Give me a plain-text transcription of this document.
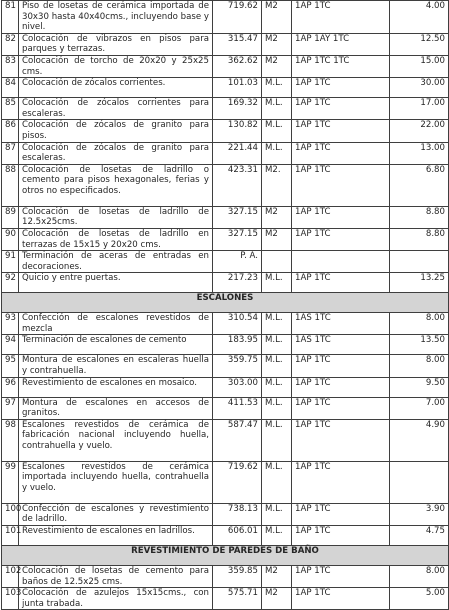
81	Piso de losetas de cerámica importada de 30x30 hasta 40x40cms., incluyendo base y nivel.	719.62	M2	1AP 1TC	4.00
82	Colocación de vibrazos en pisos para parques y terrazas.	315.47	M2	1AP 1AY 1TC	12.50
83	Colocación de torcho de 20x20 y 25x25 cms.	362.62	M2	1AP 1TC 1TC	15.00
84	Colocación de zócalos corrientes.	101.03	M.L.	1AP 1TC	30.00
85	Colocación de zócalos corrientes para escaleras.	169.32	M.L.	1AP 1TC	17.00
86	Colocación de zócalos de granito para pisos.	130.82	M.L.	1AP 1TC	22.00
87	Colocación de zócalos de granito para escaleras.	221.44	M.L.	1AP 1TC	13.00
88	Colocación de losetas de ladrillo o cemento para pisos hexagonales, ferias y otros no especificados.	423.31	M2.	1AP 1TC	6.80
89	Colocación de losetas de ladrillo de 12.5x25cms.	327.15	M2	1AP 1TC	8.80
90	Colocación de losetas de ladrillo en terrazas de 15x15 y 20x20 cms.	327.15	M2	1AP 1TC	8.80
91	Terminación de aceras de entradas en decoraciones.	P. A.			
92	Quicio y entre puertas.	217.23	M.L.	1AP 1TC	13.25
ESCALONES					
93	Confección de escalones revestidos de mezcla	310.54	M.L.	1AS 1TC	8.00
94	Terminación de escalones de cemento	183.95	M.L.	1AS 1TC	13.50
95	Montura de escalones en escaleras huella y contrahuella.	359.75	M.L.	1AP 1TC	8.00
96	Revestimiento de escalones en mosaico.	303.00	M.L.	1AP 1TC	9.50
97	Montura de escalones en accesos de granitos.	411.53	M.L.	1AP 1TC	7.00
98	Escalones revestidos de cerámica de fabricación nacional incluyendo huella, contrahuella y vuelo.	587.47	M.L.	1AP 1TC	4.90
99	Escalones revestidos de cerámica importada incluyendo huella, contrahuella y vuelo.	719.62	M.L.	1AP 1TC	
100	Confección de escalones y revestimiento de ladrillo.	738.13	M.L.	1AP 1TC	3.90
101	Revestimiento de escalones en ladrillos.	606.01	M.L.	1AP 1TC	4.75
REVESTIMIENTO DE PAREDES DE BAÑO					
102	Colocación de losetas de cemento para baños de 12.5x25 cms.	359.85	M2	1AP 1TC	8.00
103	Colocación de azulejos 15x15cms., con junta trabada.	575.71	M2	1AP 1TC	5.00
